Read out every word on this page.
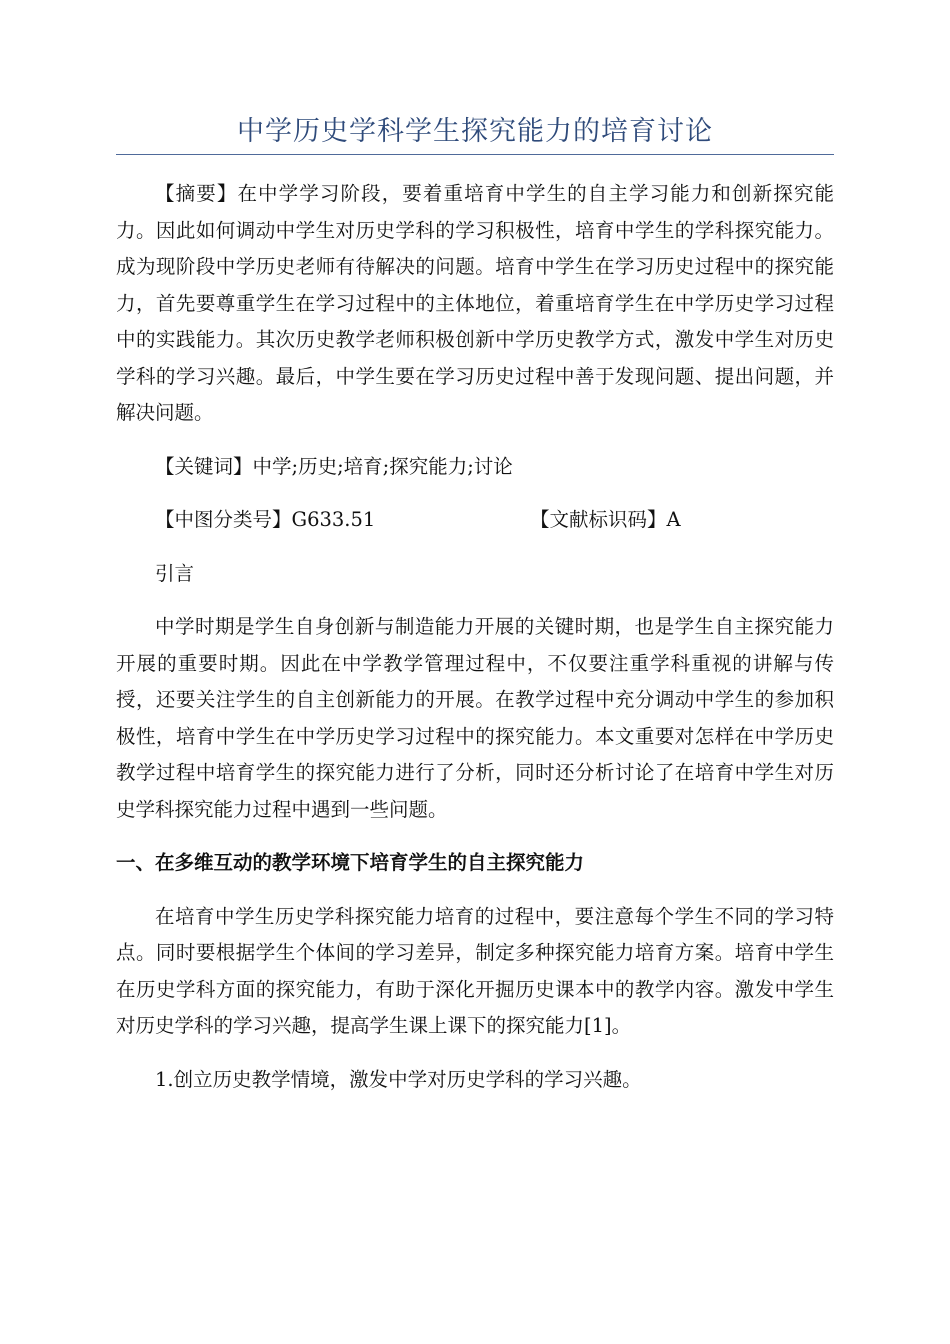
中学历史学科学生探究能力的培育讨论

【摘要】在中学学习阶段，要着重培育中学生的自主学习能力和创新探究能力。因此如何调动中学生对历史学科的学习积极性，培育中学生的学科探究能力。成为现阶段中学历史老师有待解决的问题。培育中学生在学习历史过程中的探究能力，首先要尊重学生在学习过程中的主体地位，着重培育学生在中学历史学习过程中的实践能力。其次历史教学老师积极创新中学历史教学方式，激发中学生对历史学科的学习兴趣。最后，中学生要在学习历史过程中善于发现问题、提出问题，并解决问题。

【关键词】中学;历史;培育;探究能力;讨论

【中图分类号】G633.51	【文献标识码】A

引言

中学时期是学生自身创新与制造能力开展的关键时期，也是学生自主探究能力开展的重要时期。因此在中学教学管理过程中，不仅要注重学科重视的讲解与传授，还要关注学生的自主创新能力的开展。在教学过程中充分调动中学生的参加积极性，培育中学生在中学历史学习过程中的探究能力。本文重要对怎样在中学历史教学过程中培育学生的探究能力进行了分析，同时还分析讨论了在培育中学生对历史学科探究能力过程中遇到一些问题。

一、在多维互动的教学环境下培育学生的自主探究能力

在培育中学生历史学科探究能力培育的过程中，要注意每个学生不同的学习特点。同时要根据学生个体间的学习差异，制定多种探究能力培育方案。培育中学生在历史学科方面的探究能力，有助于深化开掘历史课本中的教学内容。激发中学生对历史学科的学习兴趣，提高学生课上课下的探究能力[1]。

1.创立历史教学情境，激发中学对历史学科的学习兴趣。
